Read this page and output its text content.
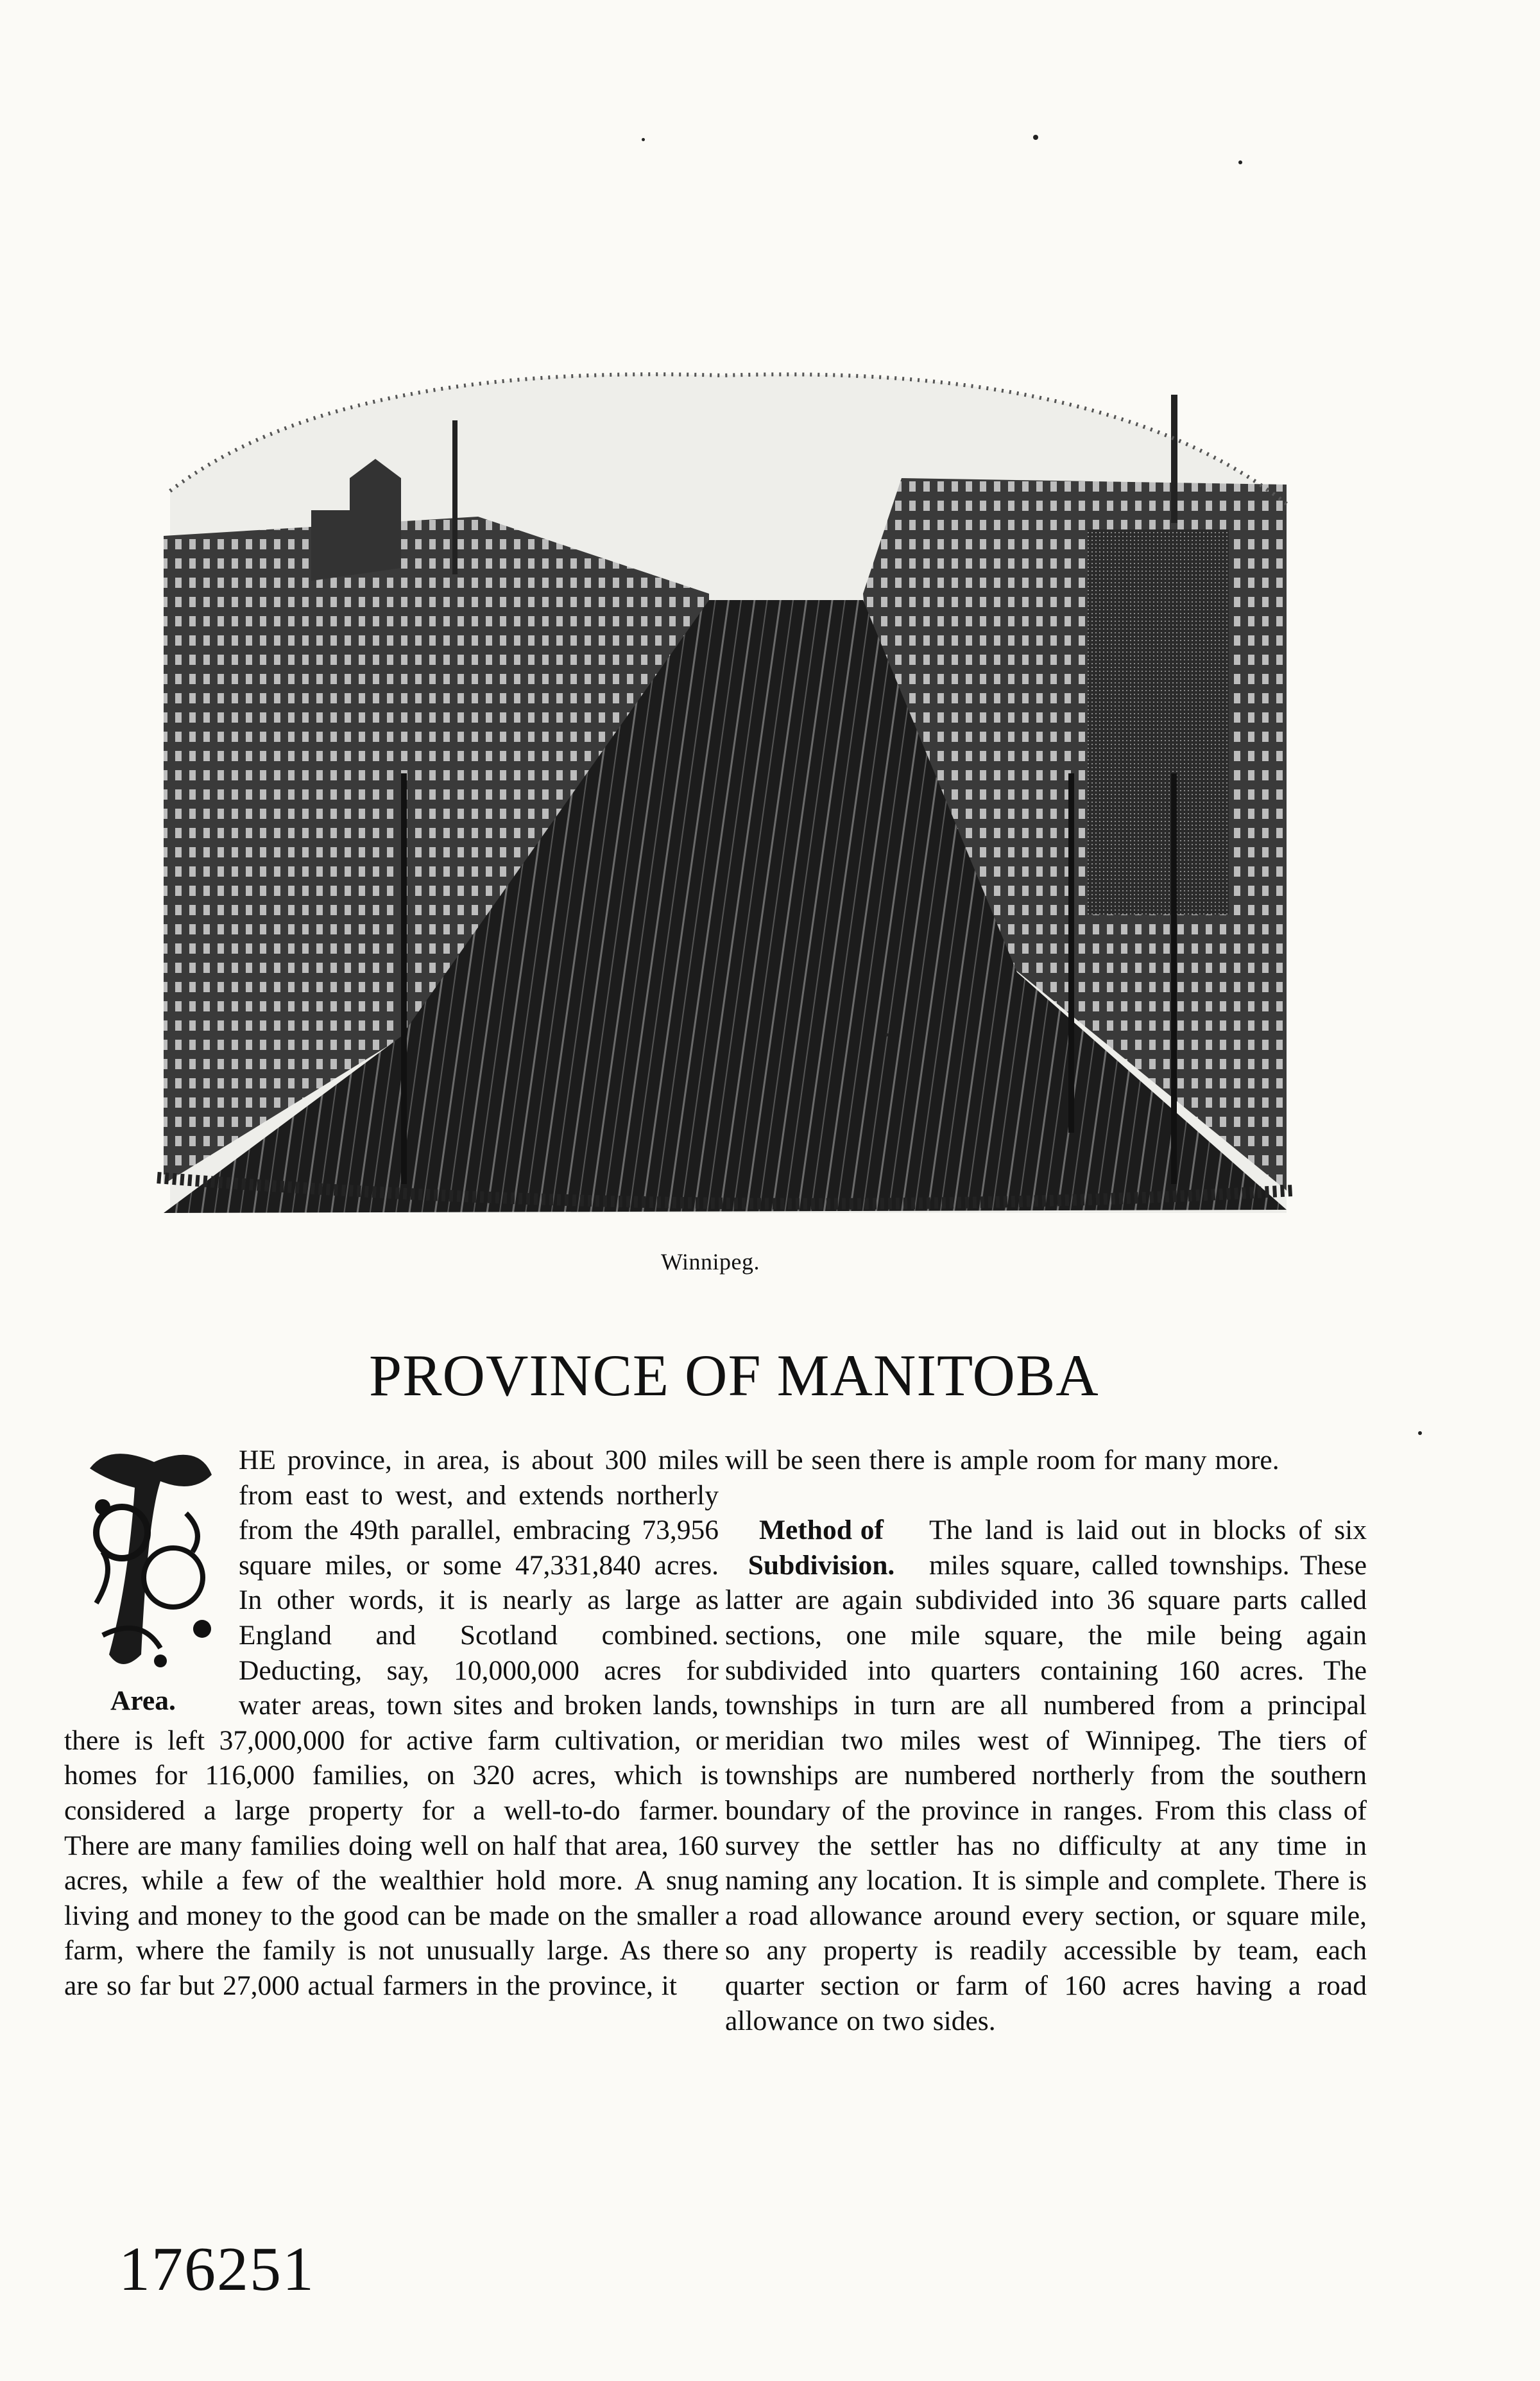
Winnipeg.
PROVINCE OF MANITOBA
Area.

HE province, in area, is about 300 miles from east to west, and extends northerly from the 49th parallel, embracing 73,956 square miles, or some 47,331,840 acres. In other words, it is nearly as large as England and Scotland combined. Deducting, say, 10,000,000 acres for water areas, town sites and broken lands, there is left 37,000,000 for active farm cultivation, or homes for 116,000 families, on 320 acres, which is considered a large property for a well-to-do farmer. There are many families doing well on half that area, 160 acres, while a few of the wealthier hold more. A snug living and money to the good can be made on the smaller farm, where the family is not unusually large. As there are so far but 27,000 actual farmers in the province, it

will be seen there is ample room for many more.

Method of
Subdivision.

The land is laid out in blocks of six miles square, called townships. These latter are again subdivided into 36 square parts called sections, one mile square, the mile being again subdivided into quarters containing 160 acres. The townships in turn are all numbered from a principal meridian two miles west of Winnipeg. The tiers of townships are numbered northerly from the southern boundary of the province in ranges. From this class of survey the settler has no difficulty at any time in naming any location. It is simple and complete. There is a road allowance around every section, or square mile, so any property is readily accessible by team, each quarter section or farm of 160 acres having a road allowance on two sides.

176251
